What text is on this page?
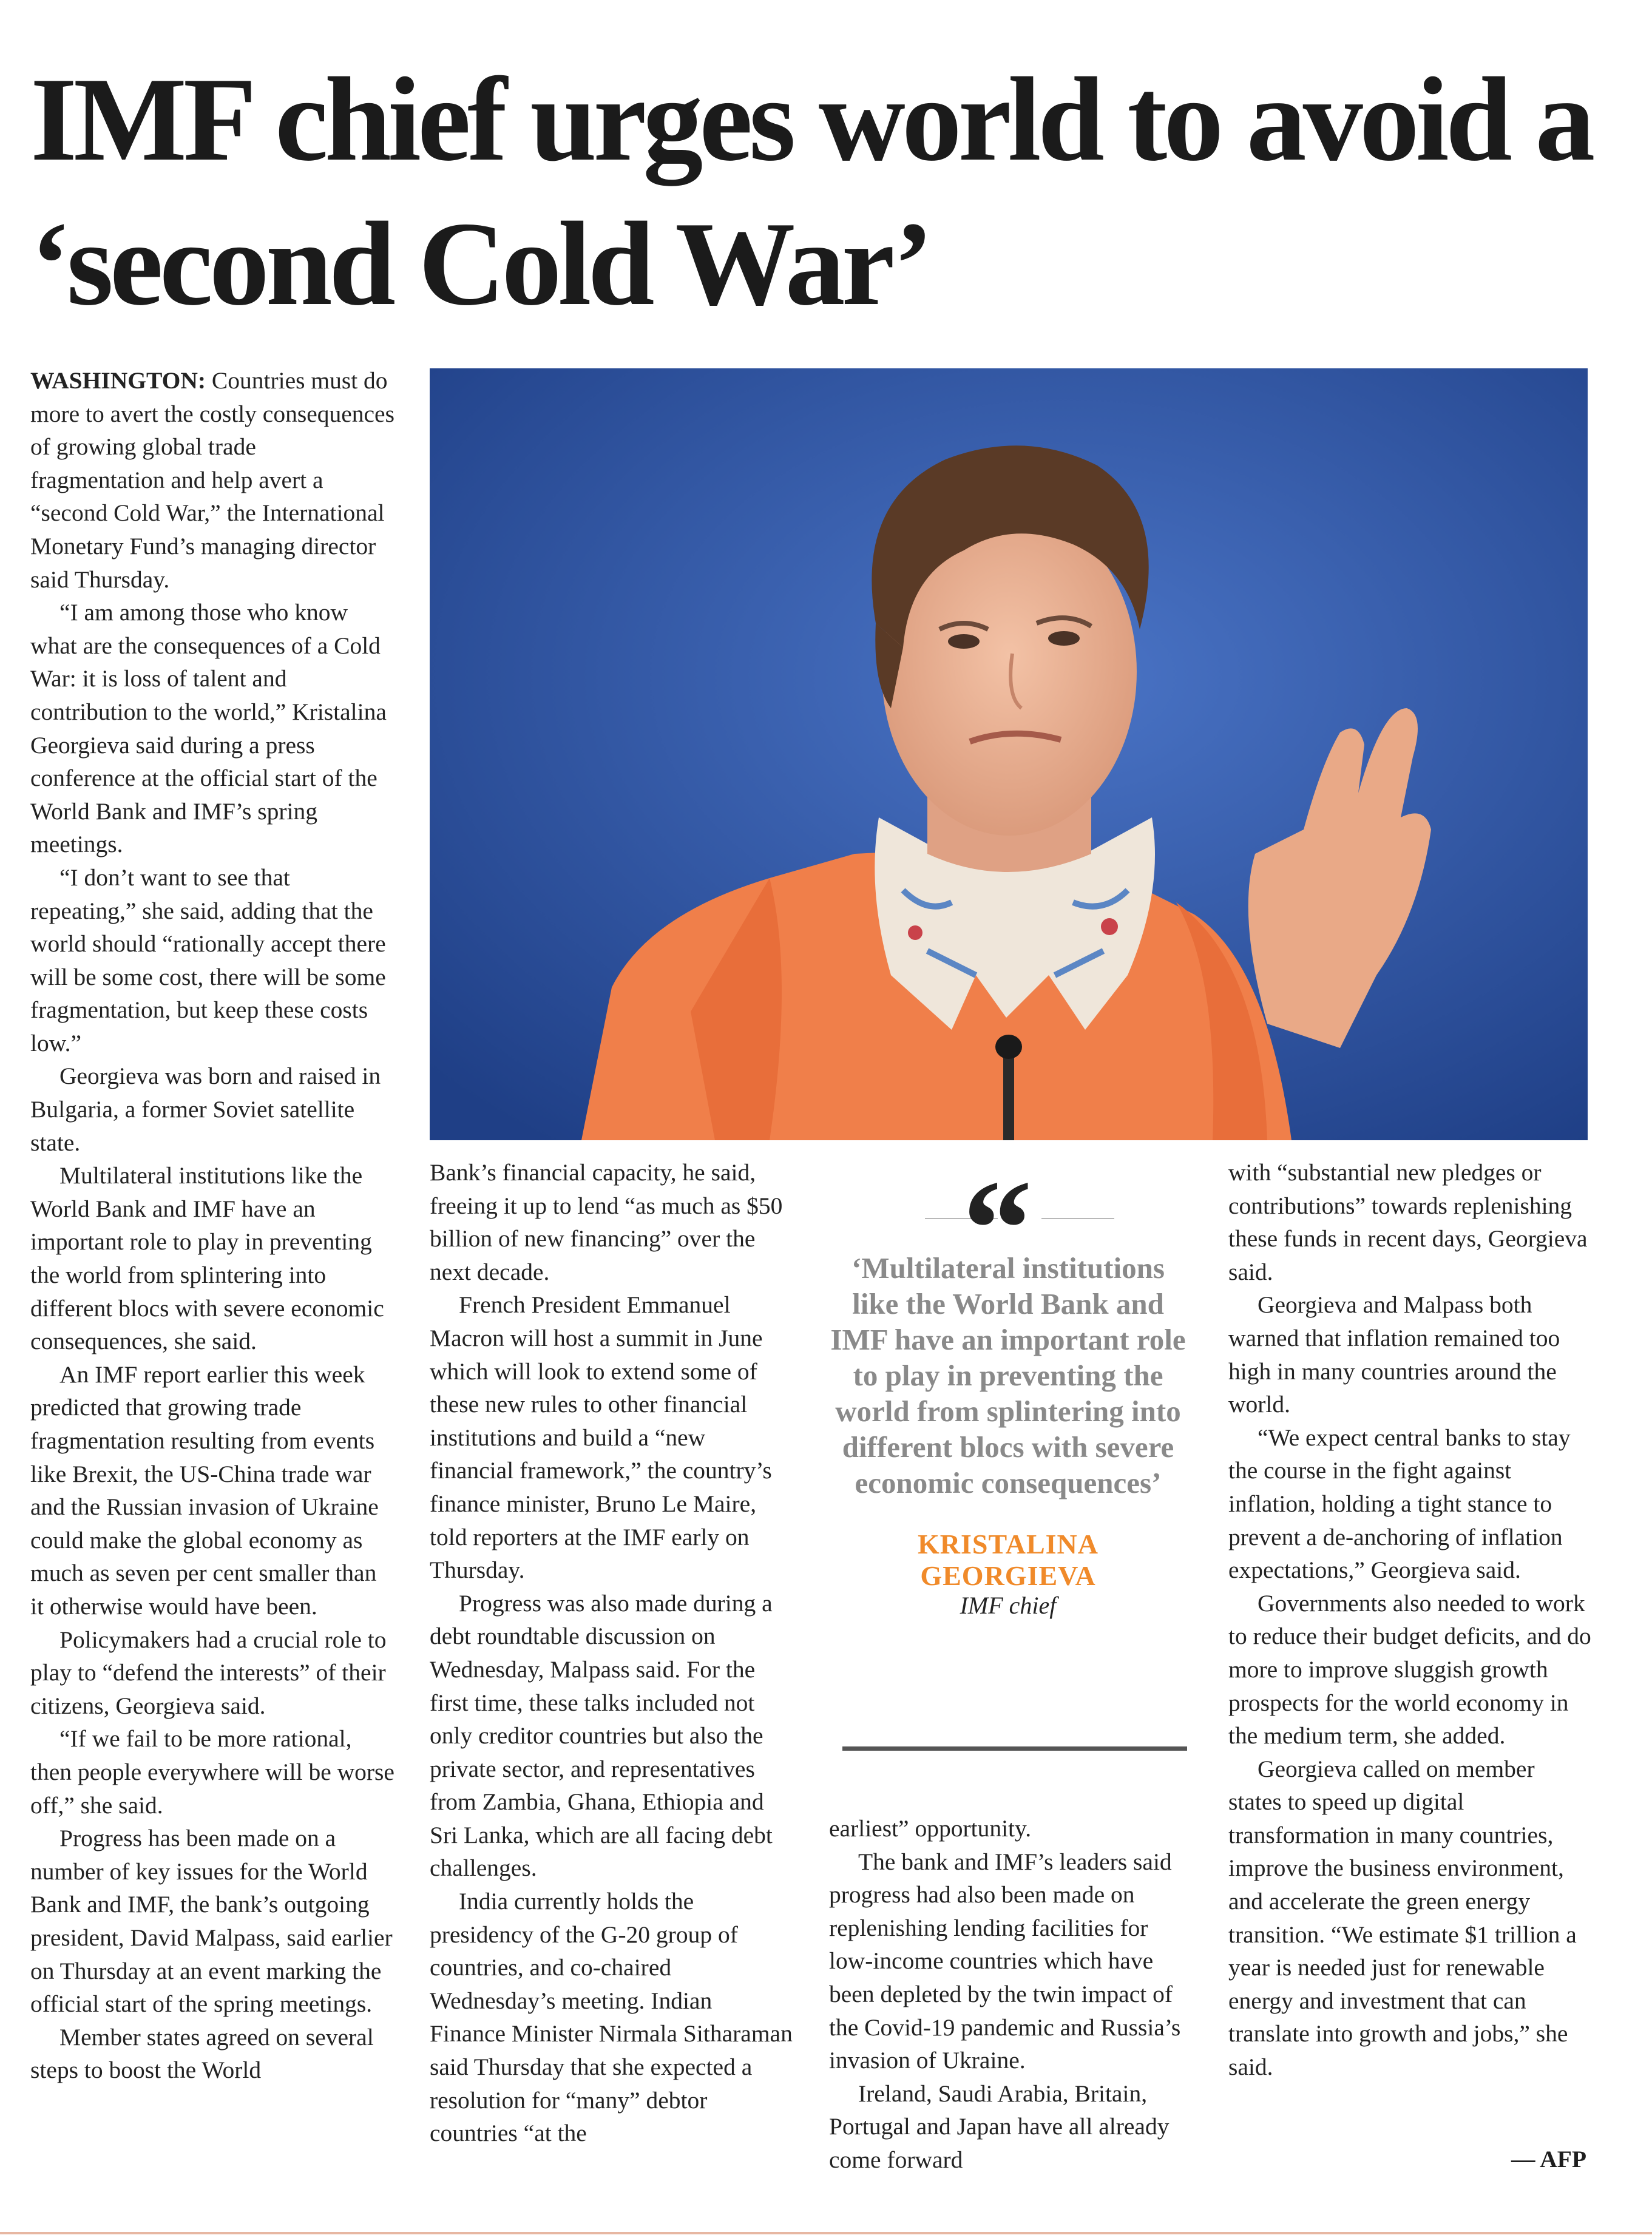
IMF chief urges world to avoid a
‘second Cold War’

WASHINGTON: Countries must do more to avert the costly consequences of growing global trade fragmentation and help avert a “second Cold War,” the International Monetary Fund’s managing director said Thursday.

“I am among those who know what are the consequences of a Cold War: it is loss of talent and contribution to the world,” Kristalina Georgieva said during a press conference at the official start of the World Bank and IMF’s spring meetings.

“I don’t want to see that repeating,” she said, adding that the world should “rationally accept there will be some cost, there will be some fragmentation, but keep these costs low.”

Georgieva was born and raised in Bulgaria, a former Soviet satellite state.

Multilateral institutions like the World Bank and IMF have an important role to play in preventing the world from splintering into different blocs with severe economic consequences, she said.

An IMF report earlier this week predicted that growing trade fragmentation resulting from events like Brexit, the US-China trade war and the Russian invasion of Ukraine could make the global economy as much as seven per cent smaller than it otherwise would have been.

Policymakers had a crucial role to play to “defend the interests” of their citizens, Georgieva said.

“If we fail to be more rational, then people everywhere will be worse off,” she said.

Progress has been made on a number of key issues for the World Bank and IMF, the bank’s outgoing president, David Malpass, said earlier on Thursday at an event marking the official start of the spring meetings.

Member states agreed on several steps to boost the World

Bank’s financial capacity, he said, freeing it up to lend “as much as $50 billion of new financing” over the next decade.

French President Emmanuel Macron will host a summit in June which will look to extend some of these new rules to other financial institutions and build a “new financial framework,” the country’s finance minister, Bruno Le Maire, told reporters at the IMF early on Thursday.

Progress was also made during a debt roundtable discussion on Wednesday, Malpass said. For the first time, these talks included not only creditor countries but also the private sector, and representatives from Zambia, Ghana, Ethiopia and Sri Lanka, which are all facing debt challenges.

India currently holds the presidency of the G-20 group of countries, and co-chaired Wednesday’s meeting. Indian Finance Minister Nirmala Sitharaman said Thursday that she expected a resolution for “many” debtor countries “at the

“

‘Multilateral institutions like the World Bank and IMF have an important role to play in preventing the world from splintering into different blocs with severe economic consequences’

KRISTALINA
GEORGIEVA
IMF chief

earliest” opportunity.

The bank and IMF’s leaders said progress had also been made on replenishing lending facilities for low-income countries which have been depleted by the twin impact of the Covid-19 pandemic and Russia’s invasion of Ukraine.

Ireland, Saudi Arabia, Britain, Portugal and Japan have all already come forward

with “substantial new pledges or contributions” towards replenishing these funds in recent days, Georgieva said.

Georgieva and Malpass both warned that inflation remained too high in many countries around the world.

“We expect central banks to stay the course in the fight against inflation, holding a tight stance to prevent a de-anchoring of inflation expectations,” Georgieva said.

Governments also needed to work to reduce their budget deficits, and do more to improve sluggish growth prospects for the world economy in the medium term, she added.

Georgieva called on member states to speed up digital transformation in many countries, improve the business environment, and accelerate the green energy transition. “We estimate $1 trillion a year is needed just for renewable energy and investment that can translate into growth and jobs,” she said.

— AFP
